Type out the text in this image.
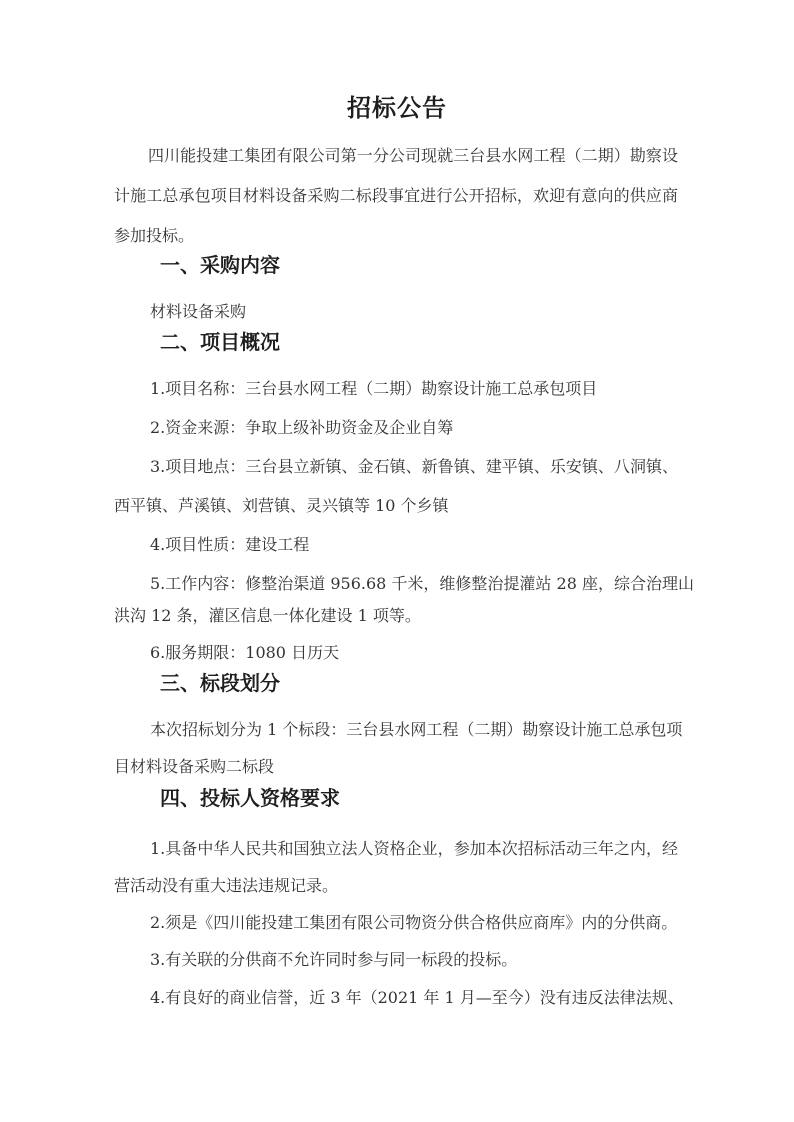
招标公告
四川能投建工集团有限公司第一分公司现就三台县水网工程（二期）勘察设
计施工总承包项目材料设备采购二标段事宜进行公开招标，欢迎有意向的供应商
参加投标。
一、采购内容
材料设备采购
二、项目概况
1.项目名称：三台县水网工程（二期）勘察设计施工总承包项目
2.资金来源：争取上级补助资金及企业自筹
3.项目地点：三台县立新镇、金石镇、新鲁镇、建平镇、乐安镇、八洞镇、
西平镇、芦溪镇、刘营镇、灵兴镇等 10 个乡镇
4.项目性质：建设工程
5.工作内容：修整治渠道 956.68 千米，维修整治提灌站 28 座，综合治理山
洪沟 12 条，灌区信息一体化建设 1 项等。
6.服务期限：1080 日历天
三、标段划分
本次招标划分为 1 个标段：三台县水网工程（二期）勘察设计施工总承包项
目材料设备采购二标段
四、投标人资格要求
1.具备中华人民共和国独立法人资格企业，参加本次招标活动三年之内，经
营活动没有重大违法违规记录。
2.须是《四川能投建工集团有限公司物资分供合格供应商库》内的分供商。
3.有关联的分供商不允许同时参与同一标段的投标。
4.有良好的商业信誉，近 3 年（2021 年 1 月—至今）没有违反法律法规、
